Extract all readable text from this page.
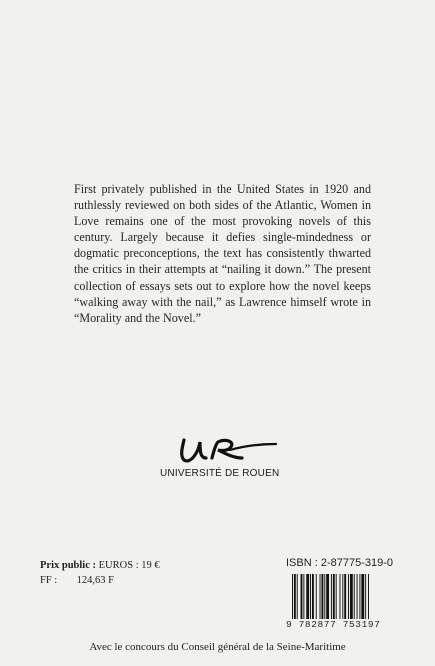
First privately published in the United States in 1920 and ruthlessly reviewed on both sides of the Atlantic, Women in Love remains one of the most provoking novels of this century. Largely because it defies single-mindedness or dogmatic preconceptions, the text has consistently thwarted the critics in their attempts at “nailing it down.” The present collection of essays sets out to explore how the novel keeps “walking away with the nail,” as Lawrence himself wrote in “Morality and the Novel.”

UNIVERSITÉ DE ROUEN
Prix public : EUROS : 19 €
FF : 124,63 F
ISBN : 2-87775-319-0
9 782877 753197
Avec le concours du Conseil général de la Seine-Maritime
